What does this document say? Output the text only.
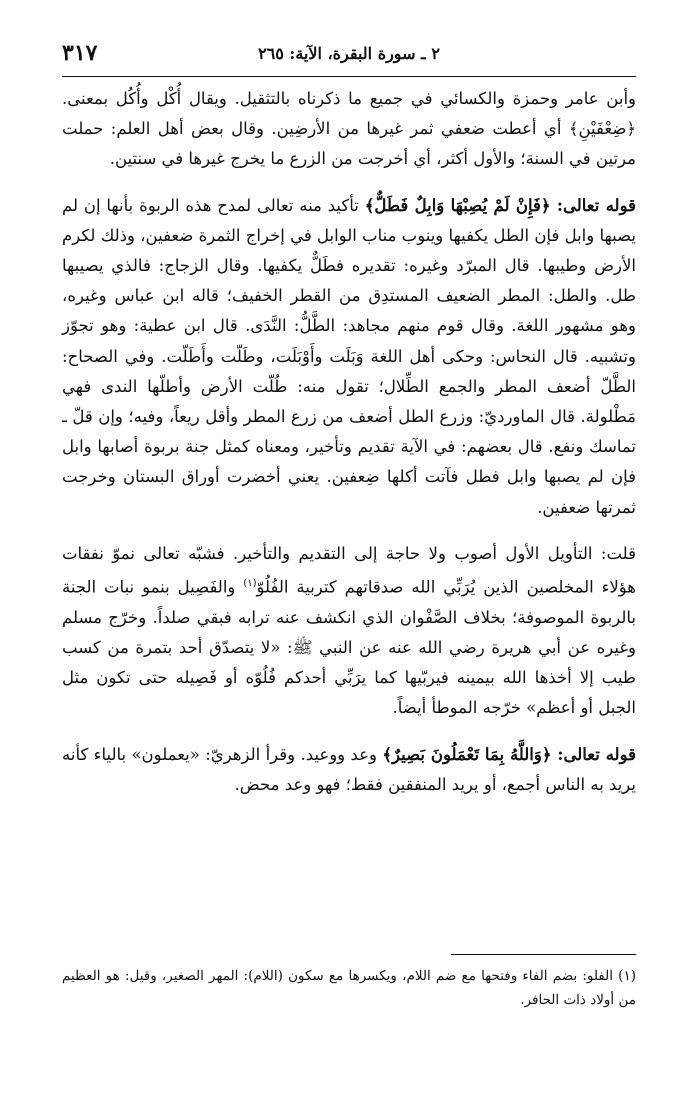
٢ ـ سورة البقرة، الآية: ٢٦٥
٣١٧

وأبن عامر وحمزة والكسائي في جميع ما ذكرناه بالتثقيل. ويقال أُكْل وأُكُل بمعنى. ﴿ضِعْفَيْنِ﴾ أي أعطت ضعفي ثمر غيرها من الأرضِين. وقال بعض أهل العلم: حملت مرتين في السنة؛ والأول أكثر، أي أخرجت من الزرع ما يخرج غيرها في سنتين.

قوله تعالى: ﴿فَإِنْ لَمْ يُصِبْهَا وَابِلٌ فَطَلٌّ﴾ تأكيد منه تعالى لمدح هذه الربوة بأنها إن لم يصبها وابل فإن الطل يكفيها وينوب مناب الوابل في إخراج الثمرة ضعفين، وذلك لكرم الأرض وطيبها. قال المبرّد وغيره: تقديره فطَلٌّ يكفيها. وقال الزجاج: فالذي يصيبها طل. والطل: المطر الضعيف المستدِق من القطر الخفيف؛ قاله ابن عباس وغيره، وهو مشهور اللغة. وقال قوم منهم مجاهد: الطَّلُّ: النَّدَى. قال ابن عطية: وهو تجوّز وتشبيه. قال النحاس: وحكى أهل اللغة وَبَلَت وأَوْبَلَت، وطَلّت وأَطَلّت. وفي الصحاح: الطَّلّ أضعف المطر والجمع الطِّلال؛ تقول منه: طُلّت الأرض وأطلّها الندى فهي مَطْلولة. قال الماورديّ: وزرع الطل أضعف من زرع المطر وأقل ريعاً، وفيه؛ وإن قلّ ـ تماسك ونفع. قال بعضهم: في الآية تقديم وتأخير، ومعناه كمثل جنة بربوة أصابها وابل فإن لم يصبها وابل فطل فآتت أكلها ضِعفين. يعني أخضرت أوراق البستان وخرجت ثمرتها ضعفين.

قلت: التأويل الأول أصوب ولا حاجة إلى التقديم والتأخير. فشبّه تعالى نموّ نفقات هؤلاء المخلصين الذين يُرَبِّي الله صدقاتهم كتربية الفُلُوّ$^{(١)}$ والفَصِيل بنمو نبات الجنة بالربوة الموصوفة؛ بخلاف الصَّفْوان الذي انكشف عنه ترابه فبقي صلداً. وخرّج مسلم وغيره عن أبي هريرة رضي الله عنه عن النبي ﷺ: «لا يتصدّق أحد بتمرة من كسب طيب إلا أخذها الله بيمينه فيربّيها كما يرَبِّي أحدكم فُلُوّه أو فَصِيله حتى تكون مثل الجبل أو أعظم» خرّجه الموطأ أيضاً.

قوله تعالى: ﴿وَاللَّهُ بِمَا تَعْمَلُونَ بَصِيرٌ﴾ وعد ووعيد. وقرأ الزهريّ: «يعملون» بالياء كأنه يريد به الناس أجمع، أو يريد المنفقين فقط؛ فهو وعد محض.

(١) الفلو: بضم الفاء وفتحها مع ضم اللام، ويكسرها مع سكون (اللام): المهر الصغير، وقيل: هو العظيم من أولاد ذات الحافر.
